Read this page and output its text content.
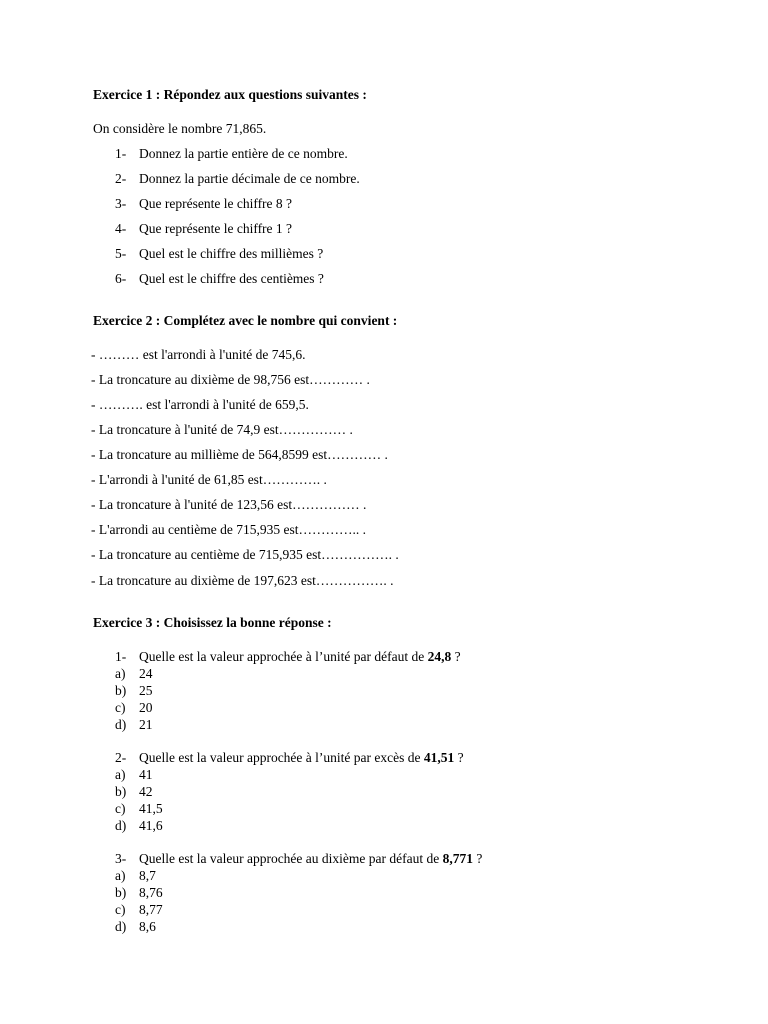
Exercice 1 : Répondez aux questions suivantes :
On considère le nombre 71,865.
1- Donnez la partie entière de ce nombre.
2- Donnez la partie décimale de ce nombre.
3- Que représente le chiffre 8 ?
4- Que représente le chiffre 1 ?
5- Quel est le chiffre des millièmes ?
6- Quel est le chiffre des centièmes ?
Exercice 2 : Complétez avec le nombre qui convient :
- ……… est l'arrondi à l'unité de 745,6.
- La troncature au dixième de 98,756 est………… .
- ………. est l'arrondi à l'unité de 659,5.
- La troncature à l'unité de 74,9 est…………… .
- La troncature au millième de 564,8599 est………… .
- L'arrondi à l'unité de 61,85 est…………. .
- La troncature à l'unité de 123,56 est…………… .
- L'arrondi au centième de 715,935 est………….. .
- La troncature au centième de 715,935 est……………. .
- La troncature au dixième de 197,623 est……………. .
Exercice 3 : Choisissez la bonne réponse :
1- Quelle est la valeur approchée à l’unité par défaut de 24,8 ?
a) 24
b) 25
c) 20
d) 21
2- Quelle est la valeur approchée à l’unité par excès de 41,51 ?
a) 41
b) 42
c) 41,5
d) 41,6
3- Quelle est la valeur approchée au dixième par défaut de 8,771 ?
a) 8,7
b) 8,76
c) 8,77
d) 8,6
